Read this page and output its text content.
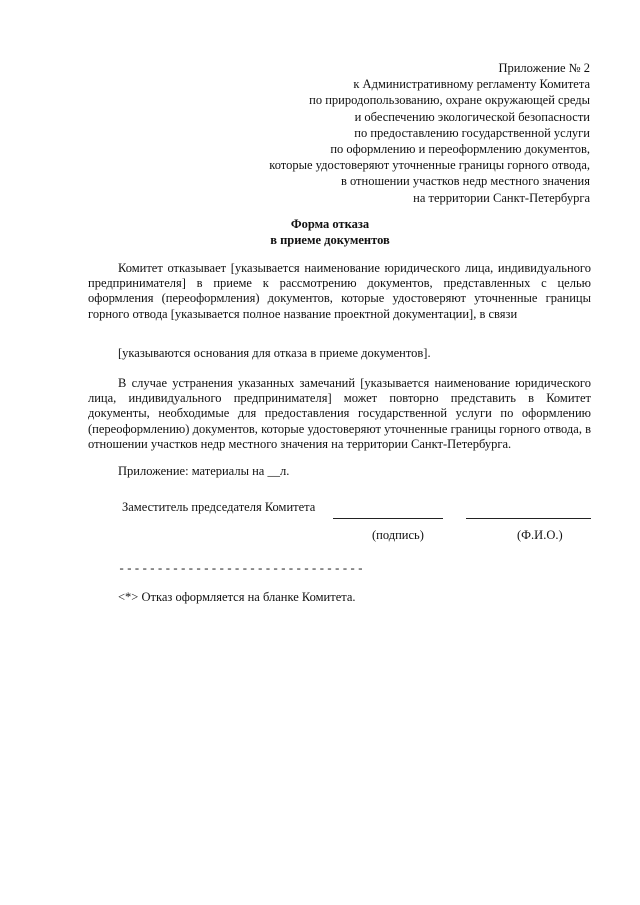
Приложение № 2
к Административному регламенту Комитета
по природопользованию, охране окружающей среды
и обеспечению экологической безопасности
по предоставлению государственной услуги
по оформлению и переоформлению документов,
которые удостоверяют уточненные границы горного отвода,
в отношении участков недр местного значения
на территории Санкт-Петербурга
Форма отказа
в приеме документов
Комитет отказывает [указывается наименование юридического лица, индивидуального предпринимателя] в приеме к рассмотрению документов, представленных с целью оформления (переоформления) документов, которые удостоверяют уточненные границы горного отвода [указывается полное название проектной документации], в связи
[указываются основания для отказа в приеме документов].
В случае устранения указанных замечаний [указывается наименование юридического лица, индивидуального предпринимателя] может повторно представить в Комитет документы, необходимые для предоставления государственной услуги по оформлению (переоформлению) документов, которые удостоверяют уточненные границы горного отвода, в отношении участков недр местного значения на территории Санкт-Петербурга.
Приложение: материалы на __л.
Заместитель председателя Комитета
(подпись)	(Ф.И.О.)
--------------------------------
<*> Отказ оформляется на бланке Комитета.
